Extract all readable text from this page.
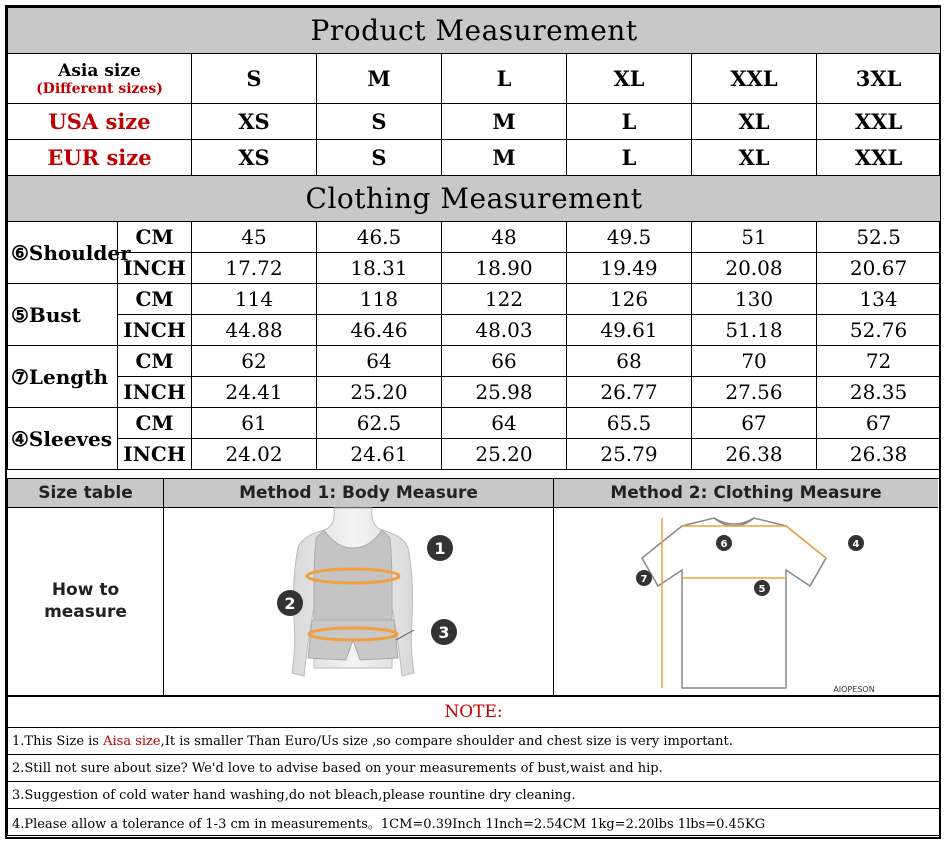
Product Measurement							

Asia size
(Different sizes)		S	M	L	XL	XXL	3XL
USA size		XS	S	M	L	XL	XXL
EUR size		XS	S	M	L	XL	XXL
Clothing Measurement							
⑥Shoulder	CM	45	46.5	48	49.5	51	52.5
	INCH	17.72	18.31	18.90	19.49	20.08	20.67
⑤Bust	CM	114	118	122	126	130	134
	INCH	44.88	46.46	48.03	49.61	51.18	52.76
⑦Length	CM	62	64	66	68	70	72
	INCH	24.41	25.20	25.98	26.77	27.56	28.35
④Sleeves	CM	61	62.5	64	65.5	67	67
	INCH	24.02	24.61	25.20	25.79	26.38	26.38
Size table
How to
measure
Method 1: Body Measure
1
2
3
Method 2: Clothing Measure
6	4
7
5
AIOPESON
NOTE:
1.This Size is Aisa size,It is smaller Than Euro/Us size ,so compare shoulder and chest size is very important.
2.Still not sure about size? We'd love to advise based on your measurements of bust,waist and hip.
3.Suggestion of cold water hand washing,do not bleach,please rountine dry cleaning.
4.Please allow a tolerance of 1-3 cm in measurements。1CM=0.39Inch 1Inch=2.54CM 1kg=2.20lbs 1lbs=0.45KG
